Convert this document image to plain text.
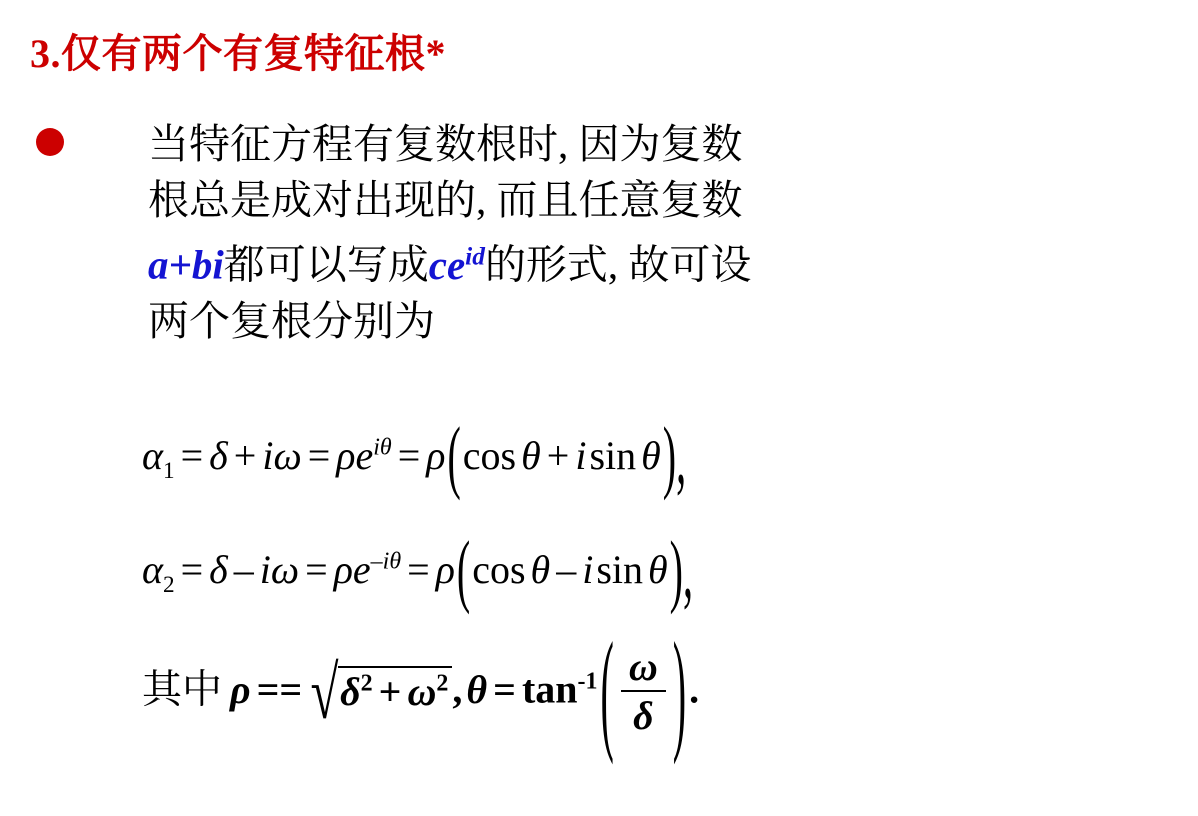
3.仅有两个有复特征根*
当特征方程有复数根时, 因为复数根总是成对出现的, 而且任意复数a+bi都可以写成$ce^{id}$的形式, 故可设两个复根分别为
$\alpha_1 = \delta + i\omega = \rho e^{i\theta} = \rho(\cos$ θ + isin θ),
$\alpha_2 = \delta - i\omega = \rho e^{-i\theta} = \rho(\cos$ θ – isin θ),
其中 $\rho == √\delta^2 + \omega^2$ , $\theta = \tan^{-1}( \frac{\omega}{\delta}$ ).
